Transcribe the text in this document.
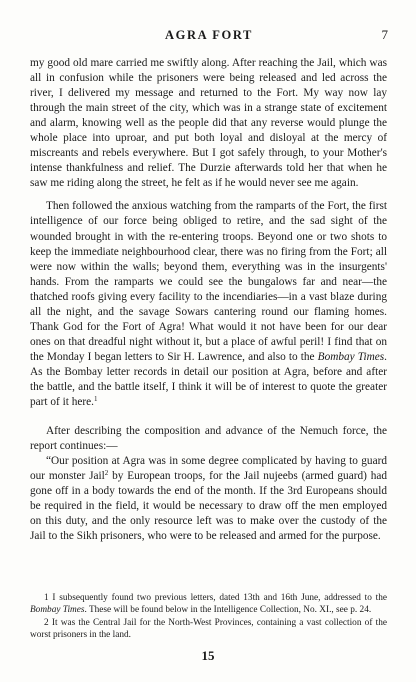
AGRA FORT	7

my good old mare carried me swiftly along. After reaching the Jail, which was all in confusion while the prisoners were being released and led across the river, I delivered my message and returned to the Fort. My way now lay through the main street of the city, which was in a strange state of excitement and alarm, knowing well as the people did that any reverse would plunge the whole place into uproar, and put both loyal and disloyal at the mercy of miscreants and rebels everywhere. But I got safely through, to your Mother's intense thankfulness and relief. The Durzie afterwards told her that when he saw me riding along the street, he felt as if he would never see me again.

Then followed the anxious watching from the ramparts of the Fort, the first intelligence of our force being obliged to retire, and the sad sight of the wounded brought in with the re-entering troops. Beyond one or two shots to keep the immediate neighbourhood clear, there was no firing from the Fort; all were now within the walls; beyond them, everything was in the insurgents' hands. From the ramparts we could see the bungalows far and near—the thatched roofs giving every facility to the incendiaries—in a vast blaze during all the night, and the savage Sowars cantering round our flaming homes. Thank God for the Fort of Agra! What would it not have been for our dear ones on that dreadful night without it, but a place of awful peril! I find that on the Monday I began letters to Sir H. Lawrence, and also to the Bombay Times. As the Bombay letter records in detail our position at Agra, before and after the battle, and the battle itself, I think it will be of interest to quote the greater part of it here.$^1$

After describing the composition and advance of the Nemuch force, the report continues:—

“Our position at Agra was in some degree complicated by having to guard our monster Jail$^2$ by European troops, for the Jail nujeebs (armed guard) had gone off in a body towards the end of the month. If the 3rd Europeans should be required in the field, it would be necessary to draw off the men employed on this duty, and the only resource left was to make over the custody of the Jail to the Sikh prisoners, who were to be released and armed for the purpose.

1 I subsequently found two previous letters, dated 13th and 16th June, addressed to the Bombay Times. These will be found below in the Intelligence Collection, No. XI., see p. 24.

2 It was the Central Jail for the North-West Provinces, containing a vast collection of the worst prisoners in the land.

15
